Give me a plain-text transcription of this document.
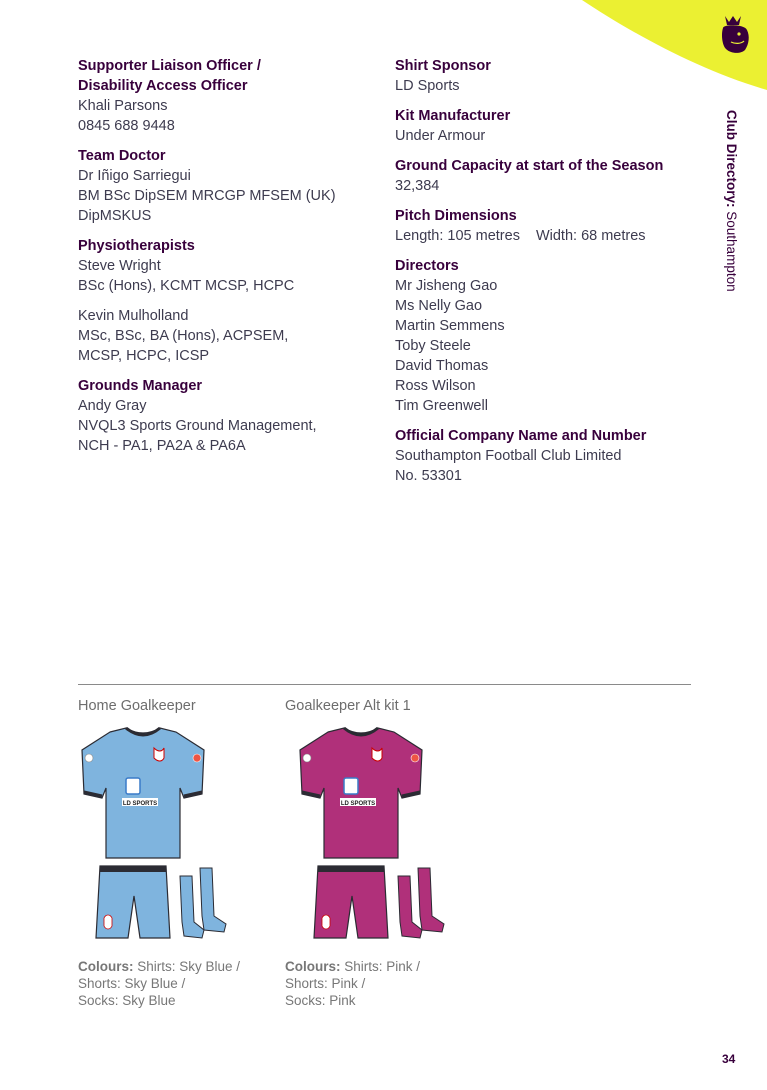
Supporter Liaison Officer /
Disability Access Officer
Khali Parsons
0845 688 9448
Team Doctor
Dr Iñigo Sarriegui
BM BSc DipSEM MRCGP MFSEM (UK)
DipMSKUS
Physiotherapists
Steve Wright
BSc (Hons), KCMT MCSP, HCPC
Kevin Mulholland
MSc, BSc, BA (Hons), ACPSEM,
MCSP, HCPC, ICSP
Grounds Manager
Andy Gray
NVQL3 Sports Ground Management,
NCH - PA1, PA2A & PA6A
Shirt Sponsor
LD Sports
Kit Manufacturer
Under Armour
Ground Capacity at start of the Season
32,384
Pitch Dimensions
Length: 105 metres Width: 68 metres
Directors
Mr Jisheng Gao
Ms Nelly Gao
Martin Semmens
Toby Steele
David Thomas
Ross Wilson
Tim Greenwell
Official Company Name and Number
Southampton Football Club Limited
No. 53301
Club Directory: Southampton
Home Goalkeeper
LD SPORTS
Colours: Shirts: Sky Blue /
Shorts: Sky Blue /
Socks: Sky Blue
Goalkeeper Alt kit 1
LD SPORTS
Colours: Shirts: Pink /
Shorts: Pink /
Socks: Pink
34
